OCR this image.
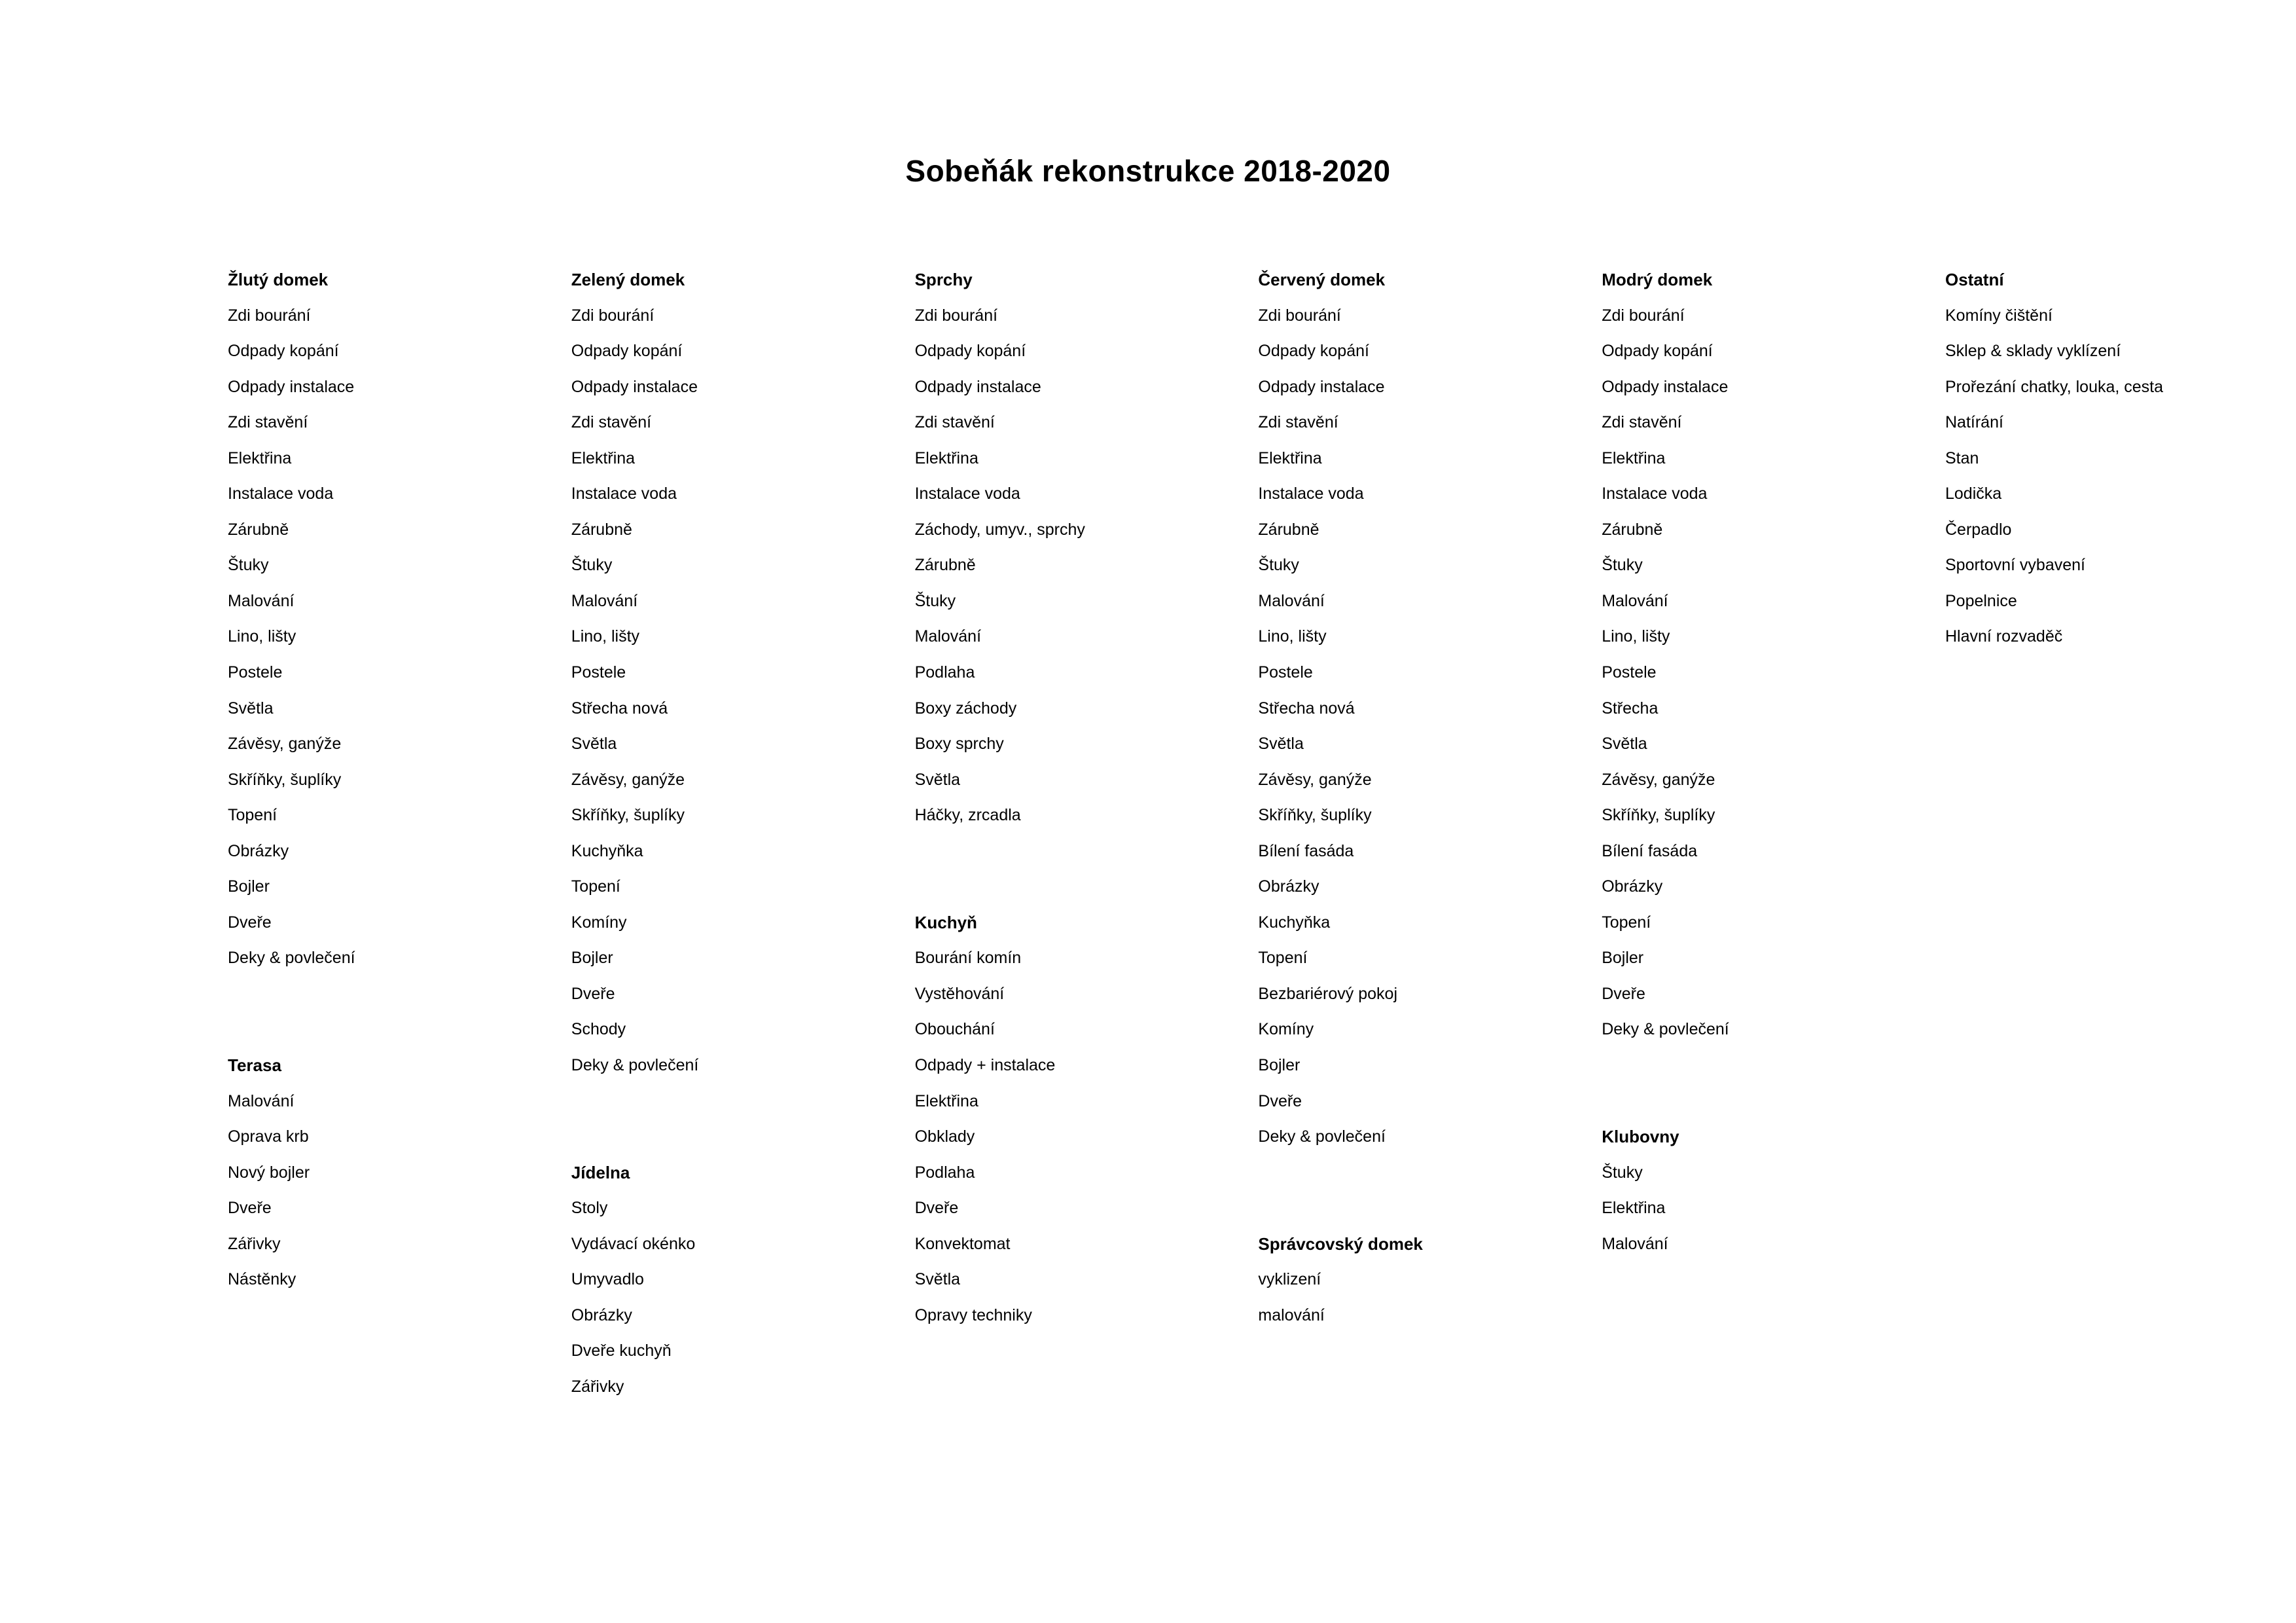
Sobeňák rekonstrukce 2018-2020
Žlutý domek
Zdi bourání
Odpady kopání
Odpady instalace
Zdi stavění
Elektřina
Instalace voda
Zárubně
Štuky
Malování
Lino, lišty
Postele
Světla
Závěsy, ganýže
Skříňky, šuplíky
Topení
Obrázky
Bojler
Dveře
Deky & povlečení
Terasa
Malování
Oprava krb
Nový bojler
Dveře
Zářivky
Nástěnky
Zelený domek
Zdi bourání
Odpady kopání
Odpady instalace
Zdi stavění
Elektřina
Instalace voda
Zárubně
Štuky
Malování
Lino, lišty
Postele
Střecha nová
Světla
Závěsy, ganýže
Skříňky, šuplíky
Kuchyňka
Topení
Komíny
Bojler
Dveře
Schody
Deky & povlečení
Jídelna
Stoly
Vydávací okénko
Umyvadlo
Obrázky
Dveře kuchyň
Zářivky
Sprchy
Zdi bourání
Odpady kopání
Odpady instalace
Zdi stavění
Elektřina
Instalace voda
Záchody, umyv., sprchy
Zárubně
Štuky
Malování
Podlaha
Boxy záchody
Boxy sprchy
Světla
Háčky, zrcadla
Kuchyň
Bourání komín
Vystěhování
Obouchání
Odpady + instalace
Elektřina
Obklady
Podlaha
Dveře
Konvektomat
Světla
Opravy techniky
Červený domek
Zdi bourání
Odpady kopání
Odpady instalace
Zdi stavění
Elektřina
Instalace voda
Zárubně
Štuky
Malování
Lino, lišty
Postele
Střecha nová
Světla
Závěsy, ganýže
Skříňky, šuplíky
Bílení fasáda
Obrázky
Kuchyňka
Topení
Bezbariérový pokoj
Komíny
Bojler
Dveře
Deky & povlečení
Správcovský domek
vyklizení
malování
Modrý domek
Zdi bourání
Odpady kopání
Odpady instalace
Zdi stavění
Elektřina
Instalace voda
Zárubně
Štuky
Malování
Lino, lišty
Postele
Střecha
Světla
Závěsy, ganýže
Skříňky, šuplíky
Bílení fasáda
Obrázky
Topení
Bojler
Dveře
Deky & povlečení
Klubovny
Štuky
Elektřina
Malování
Ostatní
Komíny čištění
Sklep & sklady vyklízení
Prořezání chatky, louka, cesta
Natírání
Stan
Lodička
Čerpadlo
Sportovní vybavení
Popelnice
Hlavní rozvaděč
